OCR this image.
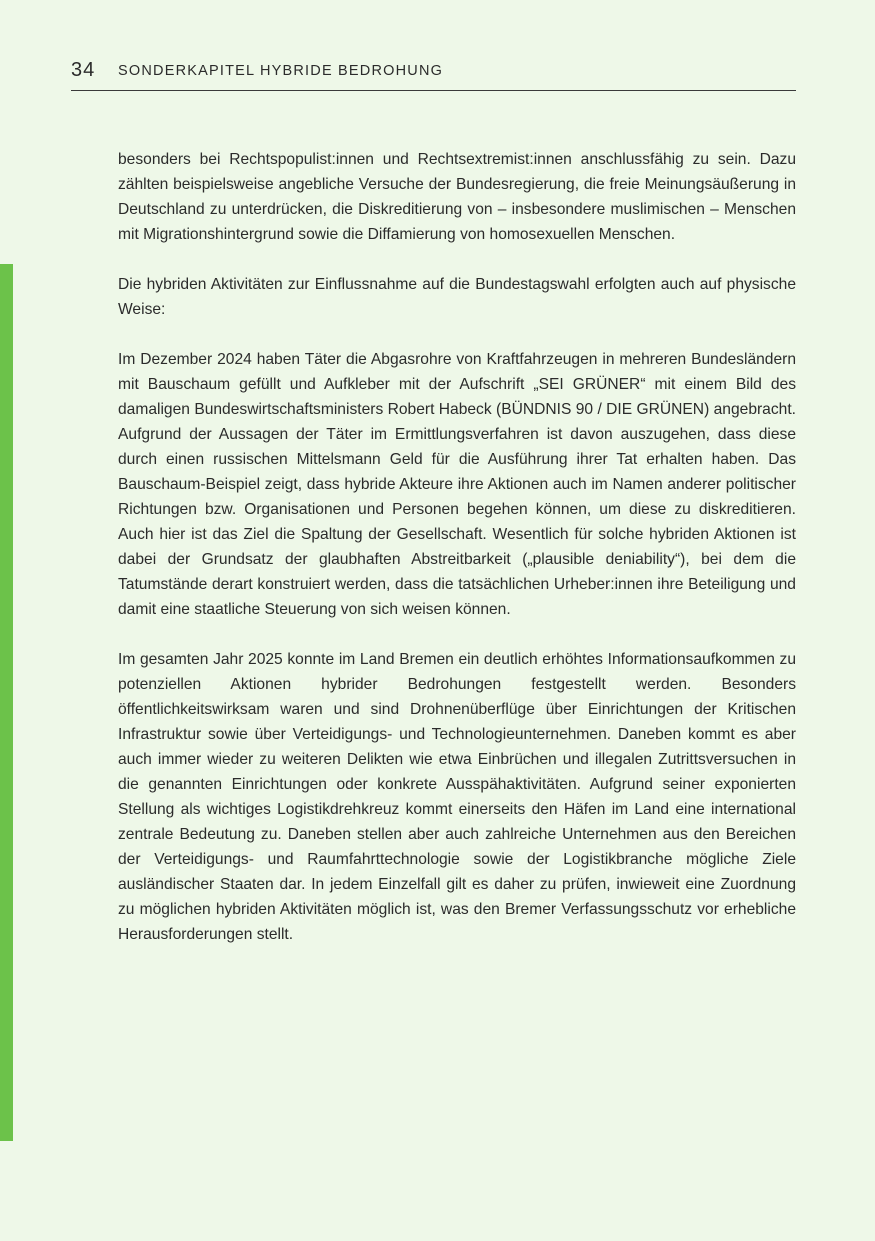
34 SONDERKAPITEL HYBRIDE BEDROHUNG

besonders bei Rechtspopulist:innen und Rechtsextremist:innen anschlussfähig zu sein. Dazu zählten beispielsweise angebliche Versuche der Bundesregierung, die freie Meinungsäußerung in Deutschland zu unterdrücken, die Diskreditierung von – insbesondere muslimischen – Menschen mit Migrationshintergrund sowie die Diffamierung von homosexuellen Menschen.

Die hybriden Aktivitäten zur Einflussnahme auf die Bundestagswahl erfolgten auch auf physische Weise:

Im Dezember 2024 haben Täter die Abgasrohre von Kraftfahrzeugen in mehreren Bundesländern mit Bauschaum gefüllt und Aufkleber mit der Aufschrift „SEI GRÜNER“ mit einem Bild des damaligen Bundeswirtschaftsministers Robert Habeck (BÜNDNIS 90 / DIE GRÜNEN) angebracht. Aufgrund der Aussagen der Täter im Ermittlungsverfahren ist davon auszugehen, dass diese durch einen russischen Mittelsmann Geld für die Ausführung ihrer Tat erhalten haben. Das Bauschaum-Beispiel zeigt, dass hybride Akteure ihre Aktionen auch im Namen anderer politischer Richtungen bzw. Organisationen und Personen begehen können, um diese zu diskreditieren. Auch hier ist das Ziel die Spaltung der Gesellschaft. Wesentlich für solche hybriden Aktionen ist dabei der Grundsatz der glaubhaften Abstreitbarkeit („plausible deniability“), bei dem die Tatumstände derart konstruiert werden, dass die tatsächlichen Urheber:innen ihre Beteiligung und damit eine staatliche Steuerung von sich weisen können.

Im gesamten Jahr 2025 konnte im Land Bremen ein deutlich erhöhtes Informationsaufkommen zu potenziellen Aktionen hybrider Bedrohungen festgestellt werden. Besonders öffentlichkeitswirksam waren und sind Drohnenüberflüge über Einrichtungen der Kritischen Infrastruktur sowie über Verteidigungs- und Technologieunternehmen. Daneben kommt es aber auch immer wieder zu weiteren Delikten wie etwa Einbrüchen und illegalen Zutrittsversuchen in die genannten Einrichtungen oder konkrete Ausspähaktivitäten. Aufgrund seiner exponierten Stellung als wichtiges Logistikdrehkreuz kommt einerseits den Häfen im Land eine international zentrale Bedeutung zu. Daneben stellen aber auch zahlreiche Unternehmen aus den Bereichen der Verteidigungs- und Raumfahrttechnologie sowie der Logistikbranche mögliche Ziele ausländischer Staaten dar. In jedem Einzelfall gilt es daher zu prüfen, inwieweit eine Zuordnung zu möglichen hybriden Aktivitäten möglich ist, was den Bremer Verfassungsschutz vor erhebliche Herausforderungen stellt.
